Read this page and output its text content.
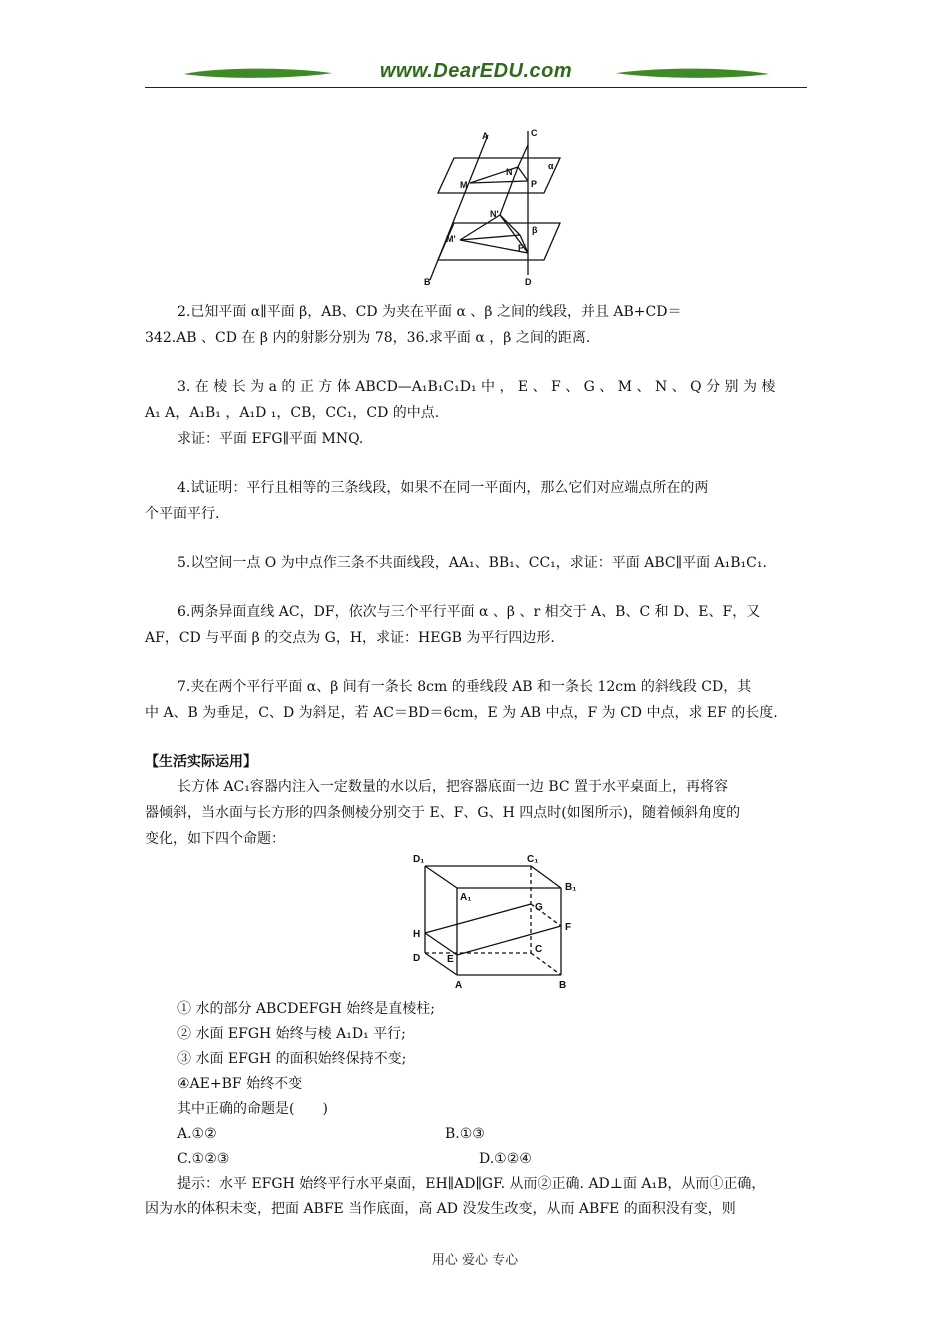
www.DearEDU.com
A	C
α
N
M	P
N'
M'
P'
β
B	D
2.已知平面 α∥平面 β，AB、CD 为夹在平面 α 、β 之间的线段，并且 AB+CD＝
342.AB 、CD 在 β 内的射影分别为 78，36.求平面 α ，β 之间的距离.
3. 在 棱 长 为 a 的 正 方 体 ABCD—A₁B₁C₁D₁ 中 ， E 、 F 、 G 、 M 、 N 、 Q 分 别 为 棱
A₁ A，A₁B₁ ，A₁D ₁，CB，CC₁，CD 的中点.
求证：平面 EFG∥平面 MNQ.
4.试证明：平行且相等的三条线段，如果不在同一平面内，那么它们对应端点所在的两
个平面平行.
5.以空间一点 O 为中点作三条不共面线段，AA₁、BB₁、CC₁，求证：平面 ABC∥平面 A₁B₁C₁.
6.两条异面直线 AC，DF，依次与三个平行平面 α 、β 、r 相交于 A、B、C 和 D、E、F，又
AF，CD 与平面 β 的交点为 G，H，求证：HEGB 为平行四边形.
7.夹在两个平行平面 α、β 间有一条长 8cm 的垂线段 AB 和一条长 12cm 的斜线段 CD，其
中 A、B 为垂足，C、D 为斜足，若 AC＝BD＝6cm，E 为 AB 中点，F 为 CD 中点，求 EF 的长度.
【生活实际运用】
长方体 AC₁容器内注入一定数量的水以后，把容器底面一边 BC 置于水平桌面上，再将容
器倾斜，当水面与长方形的四条侧棱分别交于 E、F、G、H 四点时(如图所示)，随着倾斜角度的
变化，如下四个命题：
D₁	C₁
B₁
A₁
G
H
F
C
D	E
A	B
① 水的部分 ABCDEFGH 始终是直棱柱;
② 水面 EFGH 始终与棱 A₁D₁ 平行;
③ 水面 EFGH 的面积始终保持不变;
④AE+BF 始终不变
其中正确的命题是(　　)
A.①②	B.①③
C.①②③	D.①②④
提示：水平 EFGH 始终平行水平桌面，EH∥AD∥GF. 从而②正确. AD⊥面 A₁B，从而①正确，
因为水的体积未变，把面 ABFE 当作底面，高 AD 没发生改变，从而 ABFE 的面积没有变，则
用心 爱心 专心
